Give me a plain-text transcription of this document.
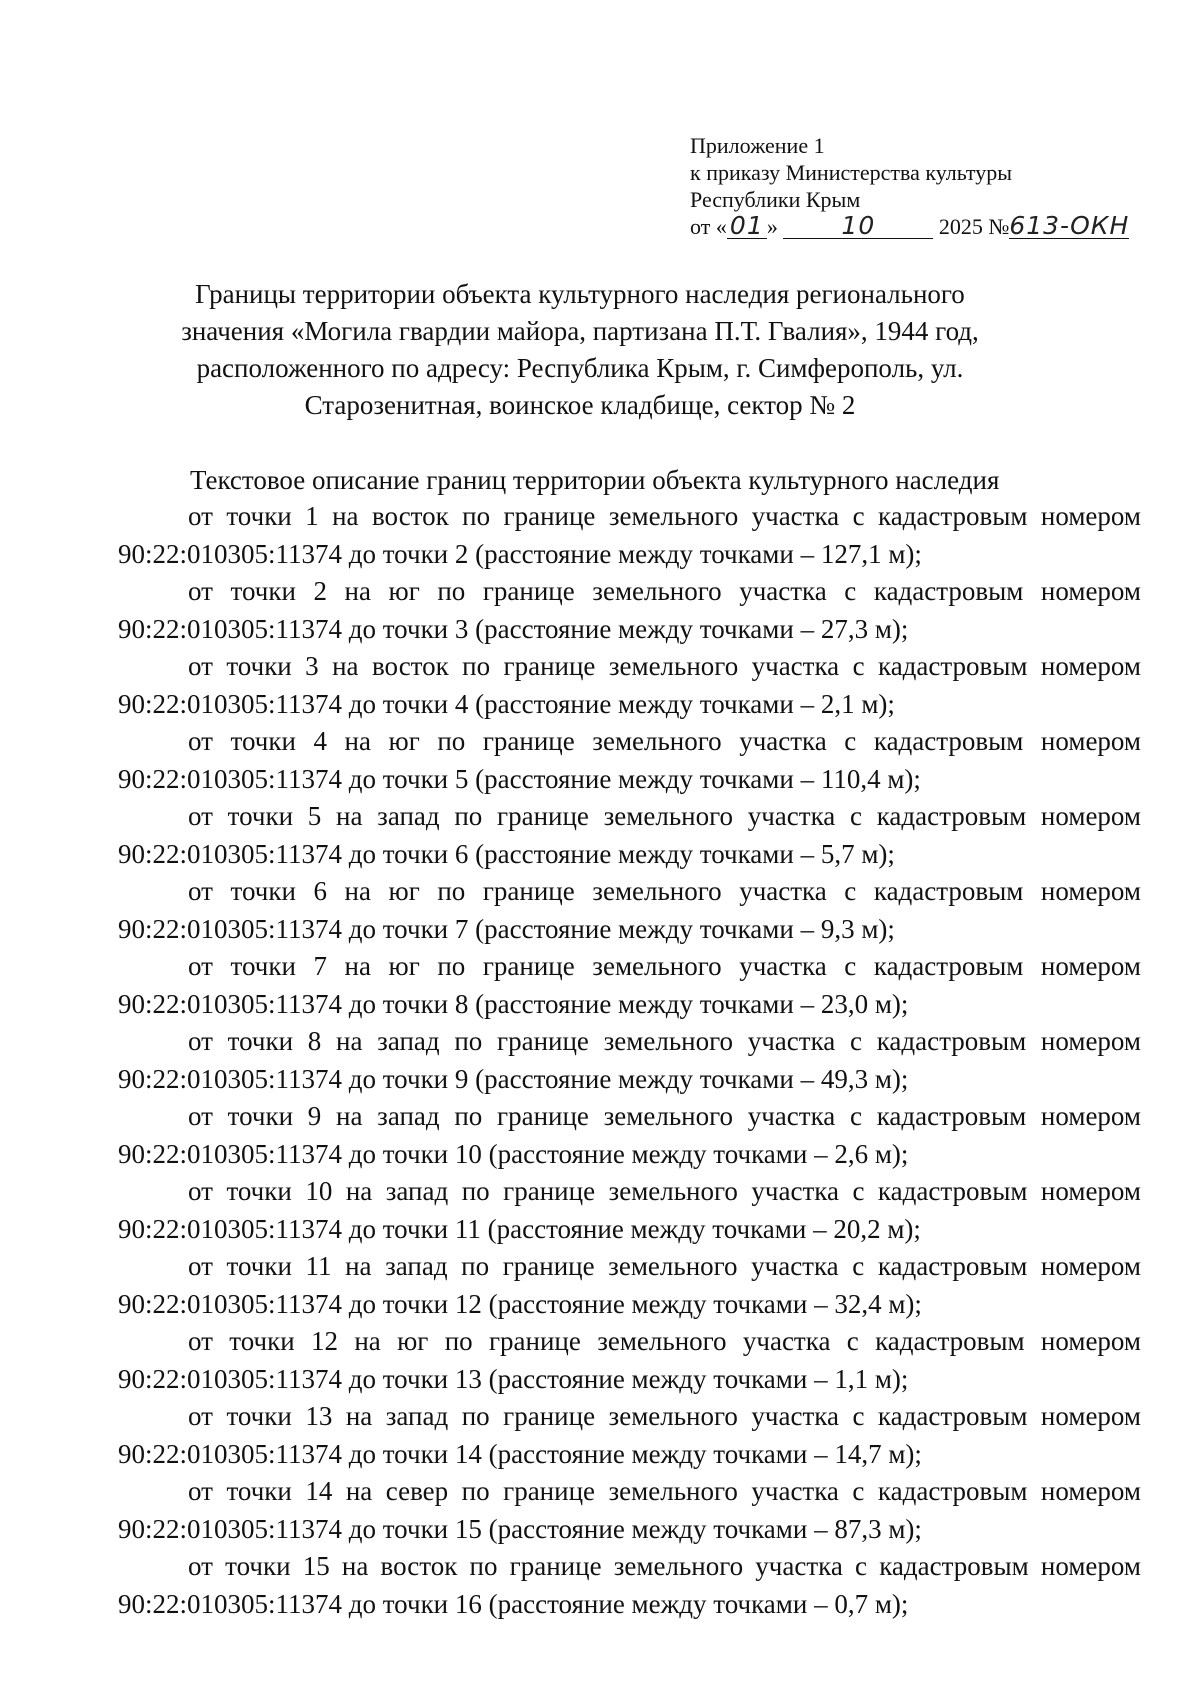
Приложение 1
к приказу Министерства культуры
Республики Крым
от « 01 »	10	2025 №613-ОКН
Границы территории объекта культурного наследия регионального значения «Могила гвардии майора, партизана П.Т. Гвалия», 1944 год, расположенного по адресу: Республика Крым, г. Симферополь, ул. Старозенитная, воинское кладбище, сектор № 2
Текстовое описание границ территории объекта культурного наследия

от точки 1 на восток по границе земельного участка с кадастровым номером
90:22:010305:11374 до точки 2 (расстояние между точками – 127,1 м);

от точки 2 на юг по границе земельного участка с кадастровым номером
90:22:010305:11374 до точки 3 (расстояние между точками – 27,3 м);

от точки 3 на восток по границе земельного участка с кадастровым номером
90:22:010305:11374 до точки 4 (расстояние между точками – 2,1 м);

от точки 4 на юг по границе земельного участка с кадастровым номером
90:22:010305:11374 до точки 5 (расстояние между точками – 110,4 м);

от точки 5 на запад по границе земельного участка с кадастровым номером
90:22:010305:11374 до точки 6 (расстояние между точками – 5,7 м);

от точки 6 на юг по границе земельного участка с кадастровым номером
90:22:010305:11374 до точки 7 (расстояние между точками – 9,3 м);

от точки 7 на юг по границе земельного участка с кадастровым номером
90:22:010305:11374 до точки 8 (расстояние между точками – 23,0 м);

от точки 8 на запад по границе земельного участка с кадастровым номером
90:22:010305:11374 до точки 9 (расстояние между точками – 49,3 м);

от точки 9 на запад по границе земельного участка с кадастровым номером
90:22:010305:11374 до точки 10 (расстояние между точками – 2,6 м);

от точки 10 на запад по границе земельного участка с кадастровым номером
90:22:010305:11374 до точки 11 (расстояние между точками – 20,2 м);

от точки 11 на запад по границе земельного участка с кадастровым номером
90:22:010305:11374 до точки 12 (расстояние между точками – 32,4 м);

от точки 12 на юг по границе земельного участка с кадастровым номером
90:22:010305:11374 до точки 13 (расстояние между точками – 1,1 м);

от точки 13 на запад по границе земельного участка с кадастровым номером
90:22:010305:11374 до точки 14 (расстояние между точками – 14,7 м);

от точки 14 на север по границе земельного участка с кадастровым номером
90:22:010305:11374 до точки 15 (расстояние между точками – 87,3 м);

от точки 15 на восток по границе земельного участка с кадастровым номером
90:22:010305:11374 до точки 16 (расстояние между точками – 0,7 м);
